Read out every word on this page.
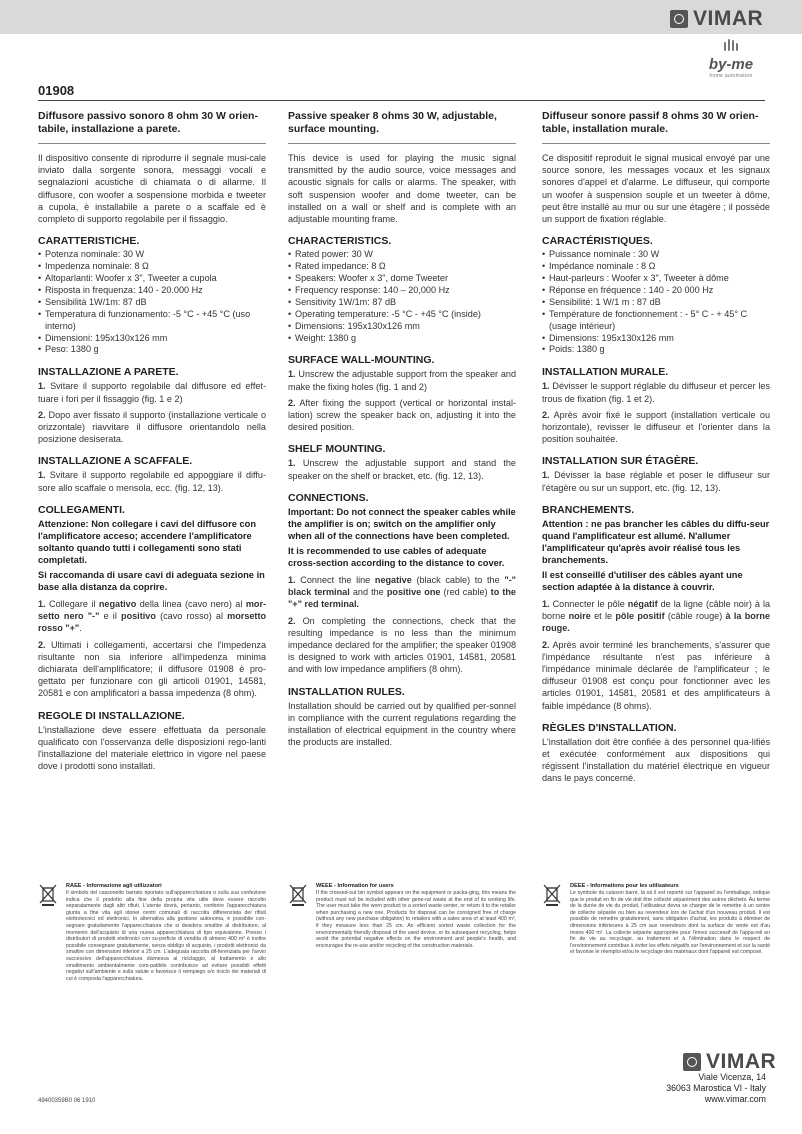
VIMAR
by-me
home automation
01908
Diffusore passivo sonoro 8 ohm 30 W orien-tabile, installazione a parete.
Il dispositivo consente di riprodurre il segnale musi-cale inviato dalla sorgente sonora, messaggi vocali e segnalazioni acustiche di chiamata o di allarme. Il diffusore, con woofer a sospensione morbida e tweeter a cupola, è installabile a parete o a scaffale ed è completo di supporto regolabile per il fissaggio.
CARATTERISTICHE.
• Potenza nominale: 30 W
• Impedenza nominale: 8 Ω
• Altoparlanti: Woofer x 3", Tweeter a cupola
• Risposta in frequenza: 140 - 20.000 Hz
• Sensibilità 1W/1m: 87 dB
• Temperatura di funzionamento: -5 °C - +45 °C (uso interno)
• Dimensioni: 195x130x126 mm
• Peso: 1380 g
INSTALLAZIONE A PARETE.
1. Svitare il supporto regolabile dal diffusore ed effet-tuare i fori per il fissaggio (fig. 1 e 2)
2. Dopo aver fissato il supporto (installazione verticale o orizzontale) riavvitare il diffusore orientandolo nella posizione desiserata.
INSTALLAZIONE A SCAFFALE.
1. Svitare il supporto regolabile ed appoggiare il diffu-sore allo scaffale o mensola, ecc. (fig. 12, 13).
COLLEGAMENTI.
Attenzione: Non collegare i cavi del diffusore con l'amplificatore acceso; accendere l'amplificatore soltanto quando tutti i collegamenti sono stati completati.
Si raccomanda di usare cavi di adeguata sezione in base alla distanza da coprire.
1. Collegare il negativo della linea (cavo nero) al mor-setto nero "-" e il positivo (cavo rosso) al morsetto rosso "+".
2. Ultimati i collegamenti, accertarsi che l'impedenza risultante non sia inferiore all'impedenza minima dichiarata dell'amplificatore; il diffusore 01908 è pro-gettato per funzionare con gli articoli 01901, 14581, 20581 e con amplificatori a bassa impedenza (8 ohm).
REGOLE DI INSTALLAZIONE.
L'installazione deve essere effettuata da personale qualificato con l'osservanza delle disposizioni rego-lanti l'installazione del materiale elettrico in vigore nel paese dove i prodotti sono installati.
Passive speaker 8 ohms 30 W, adjustable, surface mounting.
This device is used for playing the music signal transmitted by the audio source, voice messages and acoustic signals for calls or alarms. The speaker, with soft suspension woofer and dome tweeter, can be installed on a wall or shelf and is complete with an adjustable mounting frame.
CHARACTERISTICS.
• Rated power: 30 W
• Rated impedance: 8 Ω
• Speakers: Woofer x 3", dome Tweeter
• Frequency response: 140 – 20,000 Hz
• Sensitivity 1W/1m: 87 dB
• Operating temperature: -5 °C - +45 °C (inside)
• Dimensions: 195x130x126 mm
• Weight: 1380 g
SURFACE WALL-MOUNTING.
1. Unscrew the adjustable support from the speaker and make the fixing holes (fig. 1 and 2)
2. After fixing the support (vertical or horizontal instal-lation) screw the speaker back on, adjusting it into the desired position.
SHELF MOUNTING.
1. Unscrew the adjustable support and stand the speaker on the shelf or bracket, etc. (fig. 12, 13).
CONNECTIONS.
Important: Do not connect the speaker cables while the amplifier is on; switch on the amplifier only when all of the connections have been completed.
It is recommended to use cables of adequate cross-section according to the distance to cover.
1. Connect the line negative (black cable) to the "-" black terminal and the positive one (red cable) to the "+" red terminal.
2. On completing the connections, check that the resulting impedance is no less than the minimum impedance declared for the amplifier; the speaker 01908 is designed to work with articles 01901, 14581, 20581 and with low impedance amplifiers (8 ohm).
INSTALLATION RULES.
Installation should be carried out by qualified per-sonnel in compliance with the current regulations regarding the installation of electrical equipment in the country where the products are installed.
Diffuseur sonore passif 8 ohms 30 W orien-table, installation murale.
Ce dispositif reproduit le signal musical envoyé par une source sonore, les messages vocaux et les signaux sonores d'appel et d'alarme. Le diffuseur, qui comporte un woofer à suspension souple et un tweeter à dôme, peut être installé au mur ou sur une étagère ; il possède un support de fixation réglable.
CARACTÉRISTIQUES.
• Puissance nominale : 30 W
• Impédance nominale : 8 Ω
• Haut-parleurs : Woofer x 3", Tweeter à dôme
• Réponse en fréquence : 140 - 20 000 Hz
• Sensibilité: 1 W/1 m : 87 dB
• Température de fonctionnement : - 5° C - + 45° C (usage intérieur)
• Dimensions: 195x130x126 mm
• Poids: 1380 g
INSTALLATION MURALE.
1. Dévisser le support réglable du diffuseur et percer les trous de fixation (fig. 1 et 2).
2. Après avoir fixé le support (installation verticale ou horizontale), revisser le diffuseur et l'orienter dans la position souhaitée.
INSTALLATION SUR ÉTAGÈRE.
1. Dévisser la base réglable et poser le diffuseur sur l'étagère ou sur un support, etc. (fig. 12, 13).
BRANCHEMENTS.
Attention : ne pas brancher les câbles du diffu-seur quand l'amplificateur est allumé. N'allumer l'amplificateur qu'après avoir réalisé tous les branchements.
Il est conseillé d'utiliser des câbles ayant une section adaptée à la distance à couvrir.
1. Connecter le pôle négatif de la ligne (câble noir) à la borne noire et le pôle positif (câble rouge) à la borne rouge.
2. Après avoir terminé les branchements, s'assurer que l'impédance résultante n'est pas inférieure à l'impédance minimale déclarée de l'amplificateur ; le diffuseur 01908 est conçu pour fonctionner avec les articles 01901, 14581, 20581 et des amplificateurs à faible impédance (8 ohms).
RÈGLES D'INSTALLATION.
L'installation doit être confiée à des personnel qua-lifiés et exécutée conformément aux dispositions qui régissent l'installation du matériel électrique en vigueur dans le pays concerné.
RAEE - Informazione agli utilizzatori
Il simbolo del cassonetto barrato riportato sull'apparecchiatura o sulla sua confezione indica che il prodotto alla fine della propria vita utile deve essere raccolto separatamente dagli altri rifiuti. L'utente dovrà, pertanto, conferire l'apparecchiatura giunta a fine vita agli idonei centri comunali di raccolta differenziata dei rifiuti elettrotecnici ed elettronici. In alternativa alla gestione autonoma, è possibile con-segnare gratuitamente l'apparecchiatura che si desidera smaltire al distributore, al momento dell'acquisto di una nuova apparecchiatura di tipo equivalente. Presso i distributori di prodotti elettronici con su-perficie di vendita di almeno 400 m² è inoltre possibile consegnare gratuitamente, senza obbligo di acquisto, i prodotti elettronici da smaltire con dimensioni inferiori a 25 cm. L'adeguata raccolta dif-ferenziata per l'avvio successivo dell'apparecchiatura dismessa al riciclaggio, al trattamento e allo smaltimento ambientalmente com-patibile contribuisce ad evitare possibili effetti negativi sull'ambiente e sulla salute e favorisce il reimpiego e/o riciclo dei materiali di cui è composta l'apparecchiatura.
WEEE - Information for users
If the crossed-out bin symbol appears on the equipment or packa-ging, this means the product must not be included with other gene-ral waste at the end of its working life. The user must take the worn product to a sorted waste center, or return it to the retailer when purchasing a new one. Products for disposal can be consigned free of charge (without any new purchase obligation) to retailers with a sales area of at least 400 m², if they measure less than 25 cm. An efficient sorted waste collection for the environmentally friendly disposal of the used device, or its subsequent recycling, helps avoid the potential negative effects on the environment and people's health, and encourages the re-use and/or recycling of the construction materials.
DEEE - Informations pour les utilisateurs
Le symbole du caisson barré, là où il est reporté sur l'appareil ou l'emballage, indique que le produit en fin de vie doit être collecté séparément des autres déchets. Au terme de la durée de vie du produit, l'utilisateur devra se charger de le remettre à un centre de collecte séparée ou bien au revendeur lors de l'achat d'un nouveau produit. Il est possible de remettre gratuitement, sans obligation d'achat, les produits à éliminer de dimensions inférieures à 25 cm aux revendeurs dont la surface de vente est d'au moins 400 m². La collecte séparée appropriée pour l'envoi successif de l'appa-reil en fin de vie au recyclage, au traitement et à l'élimination dans le respect de l'environnement contribue à éviter les effets négatifs sur l'environnement et sur la santé et favorise le réemploi et/ou le recyclage des matériaux dont l'appareil est composé.
VIMAR
Viale Vicenza, 14
36063 Marostica VI - Italy
www.vimar.com
49400359B0 06 1910
